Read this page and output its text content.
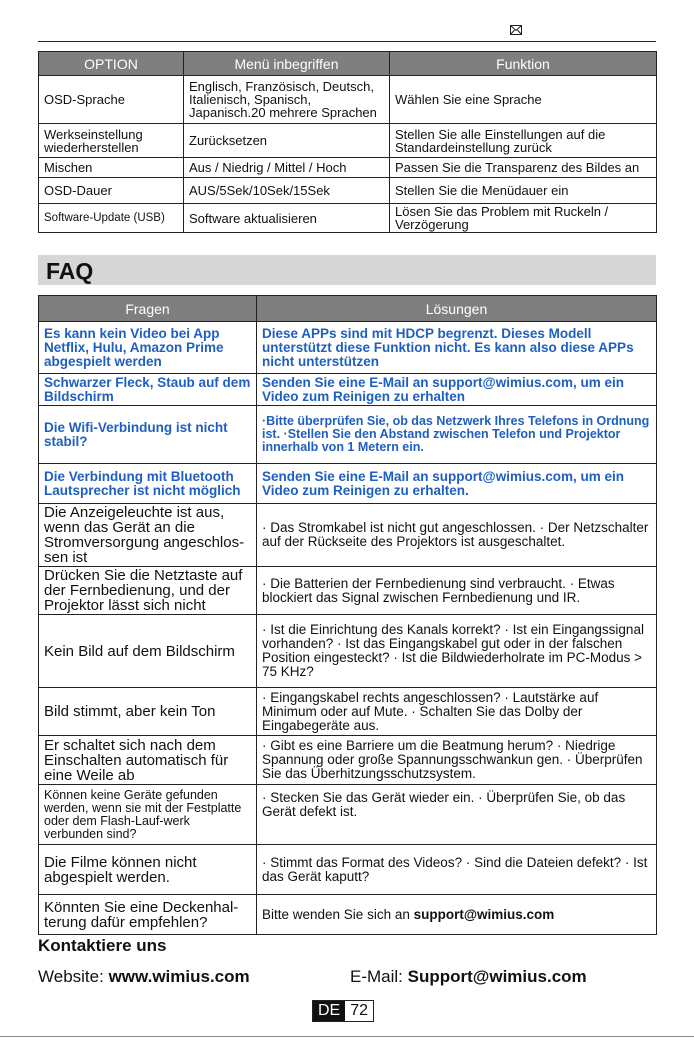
OPTION	Menü inbegriffen	Funktion
OSD-Sprache	Englisch, Französisch, Deutsch, Italienisch, Spanisch, Japanisch.20 mehrere Sprachen	Wählen Sie eine Sprache
Werkseinstellung wiederherstellen	Zurücksetzen	Stellen Sie alle Einstellungen auf die Standardeinstellung zurück
Mischen	Aus / Niedrig / Mittel / Hoch	Passen Sie die Transparenz des Bildes an
OSD-Dauer	AUS/5Sek/10Sek/15Sek	Stellen Sie die Menüdauer ein
Software-Update (USB)	Software aktualisieren	Lösen Sie das Problem mit Ruckeln / Verzögerung
FAQ
Fragen	Lösungen
Es kann kein Video bei App Netflix, Hulu, Amazon Prime abgespielt werden	Diese APPs sind mit HDCP begrenzt. Dieses Modell unterstützt diese Funktion nicht. Es kann also diese APPs nicht unterstützen
Schwarzer Fleck, Staub auf dem Bildschirm	Senden Sie eine E-Mail an support@wimius.com, um ein Video zum Reinigen zu erhalten
Die Wifi-Verbindung ist nicht stabil?	·Bitte überprüfen Sie, ob das Netzwerk Ihres Telefons in Ordnung ist. ·Stellen Sie den Abstand zwischen Telefon und Projektor innerhalb von 1 Metern ein.
Die Verbindung mit Bluetooth Lautsprecher ist nicht möglich	Senden Sie eine E-Mail an support@wimius.com, um ein Video zum Reinigen zu erhalten.
Die Anzeigeleuchte ist aus, wenn das Gerät an die Stromversorgung angeschlos-sen ist	· Das Stromkabel ist nicht gut angeschlossen. · Der Netzschalter auf der Rückseite des Projektors ist ausgeschaltet.
Drücken Sie die Netztaste auf der Fernbedienung, und der Projektor lässt sich nicht	· Die Batterien der Fernbedienung sind verbraucht. · Etwas blockiert das Signal zwischen Fernbedienung und IR.
Kein Bild auf dem Bildschirm	· Ist die Einrichtung des Kanals korrekt? · Ist ein Eingangssignal vorhanden? · Ist das Eingangskabel gut oder in der falschen Position eingesteckt? · Ist die Bildwiederholrate im PC-Modus > 75 KHz?
Bild stimmt, aber kein Ton	· Eingangskabel rechts angeschlossen? · Lautstärke auf Minimum oder auf Mute. · Schalten Sie das Dolby der Eingabegeräte aus.
Er schaltet sich nach dem Einschalten automatisch für eine Weile ab	· Gibt es eine Barriere um die Beatmung herum? · Niedrige Spannung oder große Spannungsschwankun gen. · Überprüfen Sie das Überhitzungsschutzsystem.
Können keine Geräte gefunden werden, wenn sie mit der Festplatte oder dem Flash-Lauf-werk verbunden sind?	· Stecken Sie das Gerät wieder ein. · Überprüfen Sie, ob das Gerät defekt ist.
Die Filme können nicht abgespielt werden.	· Stimmt das Format des Videos? · Sind die Dateien defekt? · Ist das Gerät kaputt?
Könnten Sie eine Deckenhal-terung dafür empfehlen?	Bitte wenden Sie sich an support@wimius.com
Kontaktiere uns
Website: www.wimius.com	E-Mail: Support@wimius.com
DE 72
